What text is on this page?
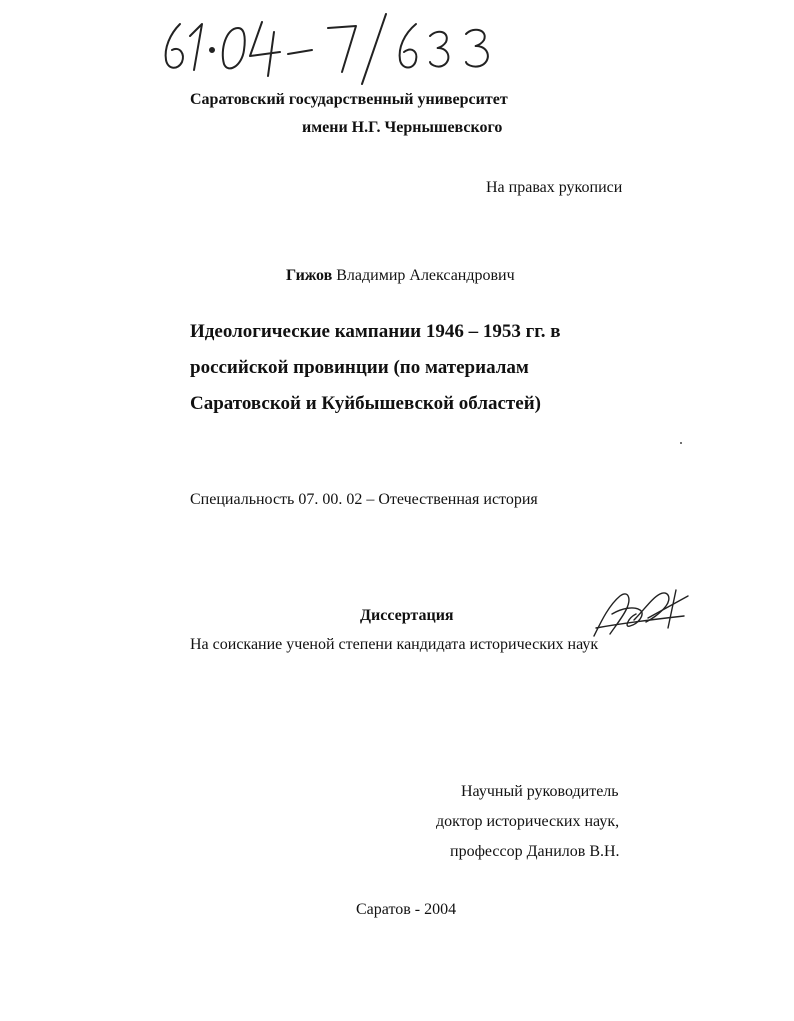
Саратовский государственный университет
имени Н.Г. Чернышевского
На правах рукописи
Гижов Владимир Александрович
Идеологические кампании 1946 – 1953 гг. в
российской провинции (по материалам
Саратовской и Куйбышевской областей)
Специальность 07. 00. 02 – Отечественная история
Диссертация
На соискание ученой степени кандидата исторических наук
Научный руководитель
доктор исторических наук,
профессор Данилов В.Н.
Саратов - 2004
